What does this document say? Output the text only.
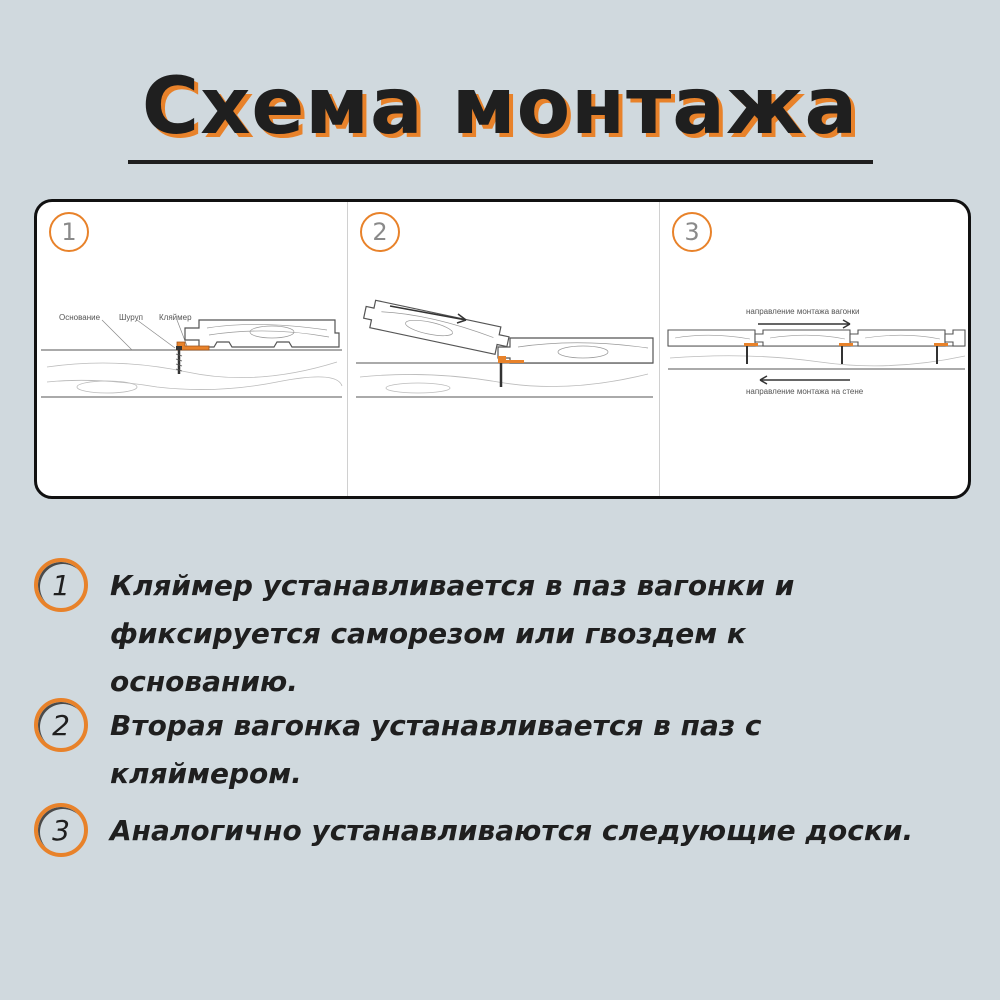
Схема монтажа
1
Основание Шуруп Кляймер
2	3
направление монтажа вагонки
направление монтажа на стене
1 Кляймер устанавливается в паз вагонки и фиксируется саморезом или гвоздем к основанию.
2 Вторая вагонка устанавливается в паз с кляймером.
3 Аналогично устанавливаются следующие доски.
